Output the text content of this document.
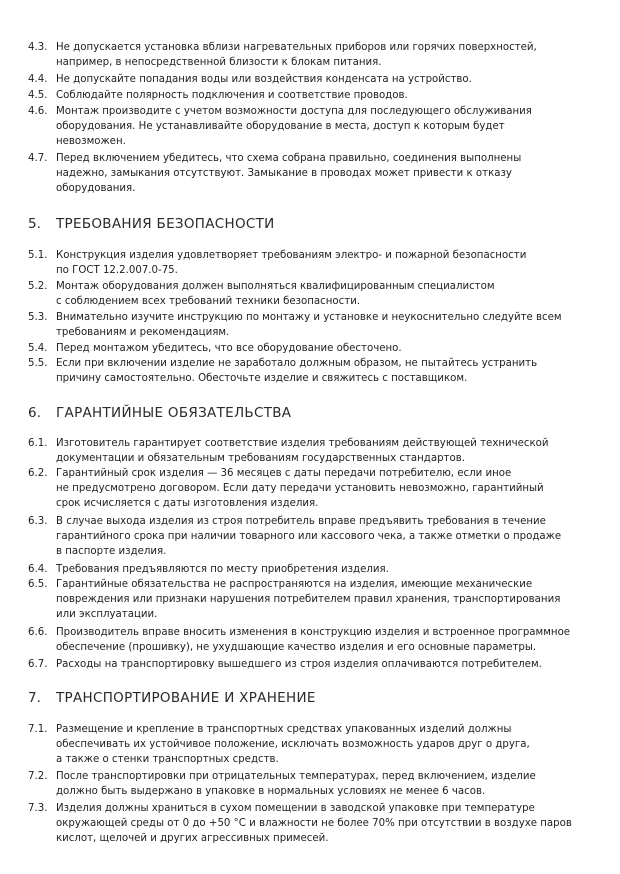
4.3. Не допускается установка вблизи нагревательных приборов или горячих поверхностей,
например, в непосредственной близости к блокам питания.
4.4. Не допускайте попадания воды или воздействия конденсата на устройство.
4.5. Соблюдайте полярность подключения и соответствие проводов.
4.6. Монтаж производите с учетом возможности доступа для последующего обслуживания
оборудования. Не устанавливайте оборудование в места, доступ к которым будет
невозможен.
4.7. Перед включением убедитесь, что схема собрана правильно, соединения выполнены
надежно, замыкания отсутствуют. Замыкание в проводах может привести к отказу
оборудования.
5.	ТРЕБОВАНИЯ БЕЗОПАСНОСТИ
5.1. Конструкция изделия удовлетворяет требованиям электро- и пожарной безопасности
по ГОСТ 12.2.007.0-75.
5.2. Монтаж оборудования должен выполняться квалифицированным специалистом
с соблюдением всех требований техники безопасности.
5.3. Внимательно изучите инструкцию по монтажу и установке и неукоснительно следуйте всем
требованиям и рекомендациям.
5.4. Перед монтажом убедитесь, что все оборудование обесточено.
5.5. Если при включении изделие не заработало должным образом, не пытайтесь устранить
причину самостоятельно. Обесточьте изделие и свяжитесь с поставщиком.
6.	ГАРАНТИЙНЫЕ ОБЯЗАТЕЛЬСТВА
6.1. Изготовитель гарантирует соответствие изделия требованиям действующей технической
документации и обязательным требованиям государственных стандартов.
6.2. Гарантийный срок изделия — 36 месяцев с даты передачи потребителю, если иное
не предусмотрено договором. Если дату передачи установить невозможно, гарантийный
срок исчисляется с даты изготовления изделия.
6.3. В случае выхода изделия из строя потребитель вправе предъявить требования в течение
гарантийного срока при наличии товарного или кассового чека, а также отметки о продаже
в паспорте изделия.
6.4. Требования предъявляются по месту приобретения изделия.
6.5. Гарантийные обязательства не распространяются на изделия, имеющие механические
повреждения или признаки нарушения потребителем правил хранения, транспортирования
или эксплуатации.
6.6. Производитель вправе вносить изменения в конструкцию изделия и встроенное программное
обеспечение (прошивку), не ухудшающие качество изделия и его основные параметры.
6.7. Расходы на транспортировку вышедшего из строя изделия оплачиваются потребителем.
7.	ТРАНСПОРТИРОВАНИЕ И ХРАНЕНИЕ
7.1. Размещение и крепление в транспортных средствах упакованных изделий должны
обеспечивать их устойчивое положение, исключать возможность ударов друг о друга,
а также о стенки транспортных средств.
7.2. После транспортировки при отрицательных температурах, перед включением, изделие
должно быть выдержано в упаковке в нормальных условиях не менее 6 часов.
7.3. Изделия должны храниться в сухом помещении в заводской упаковке при температуре
окружающей среды от 0 до +50 °С и влажности не более 70% при отсутствии в воздухе паров
кислот, щелочей и других агрессивных примесей.
